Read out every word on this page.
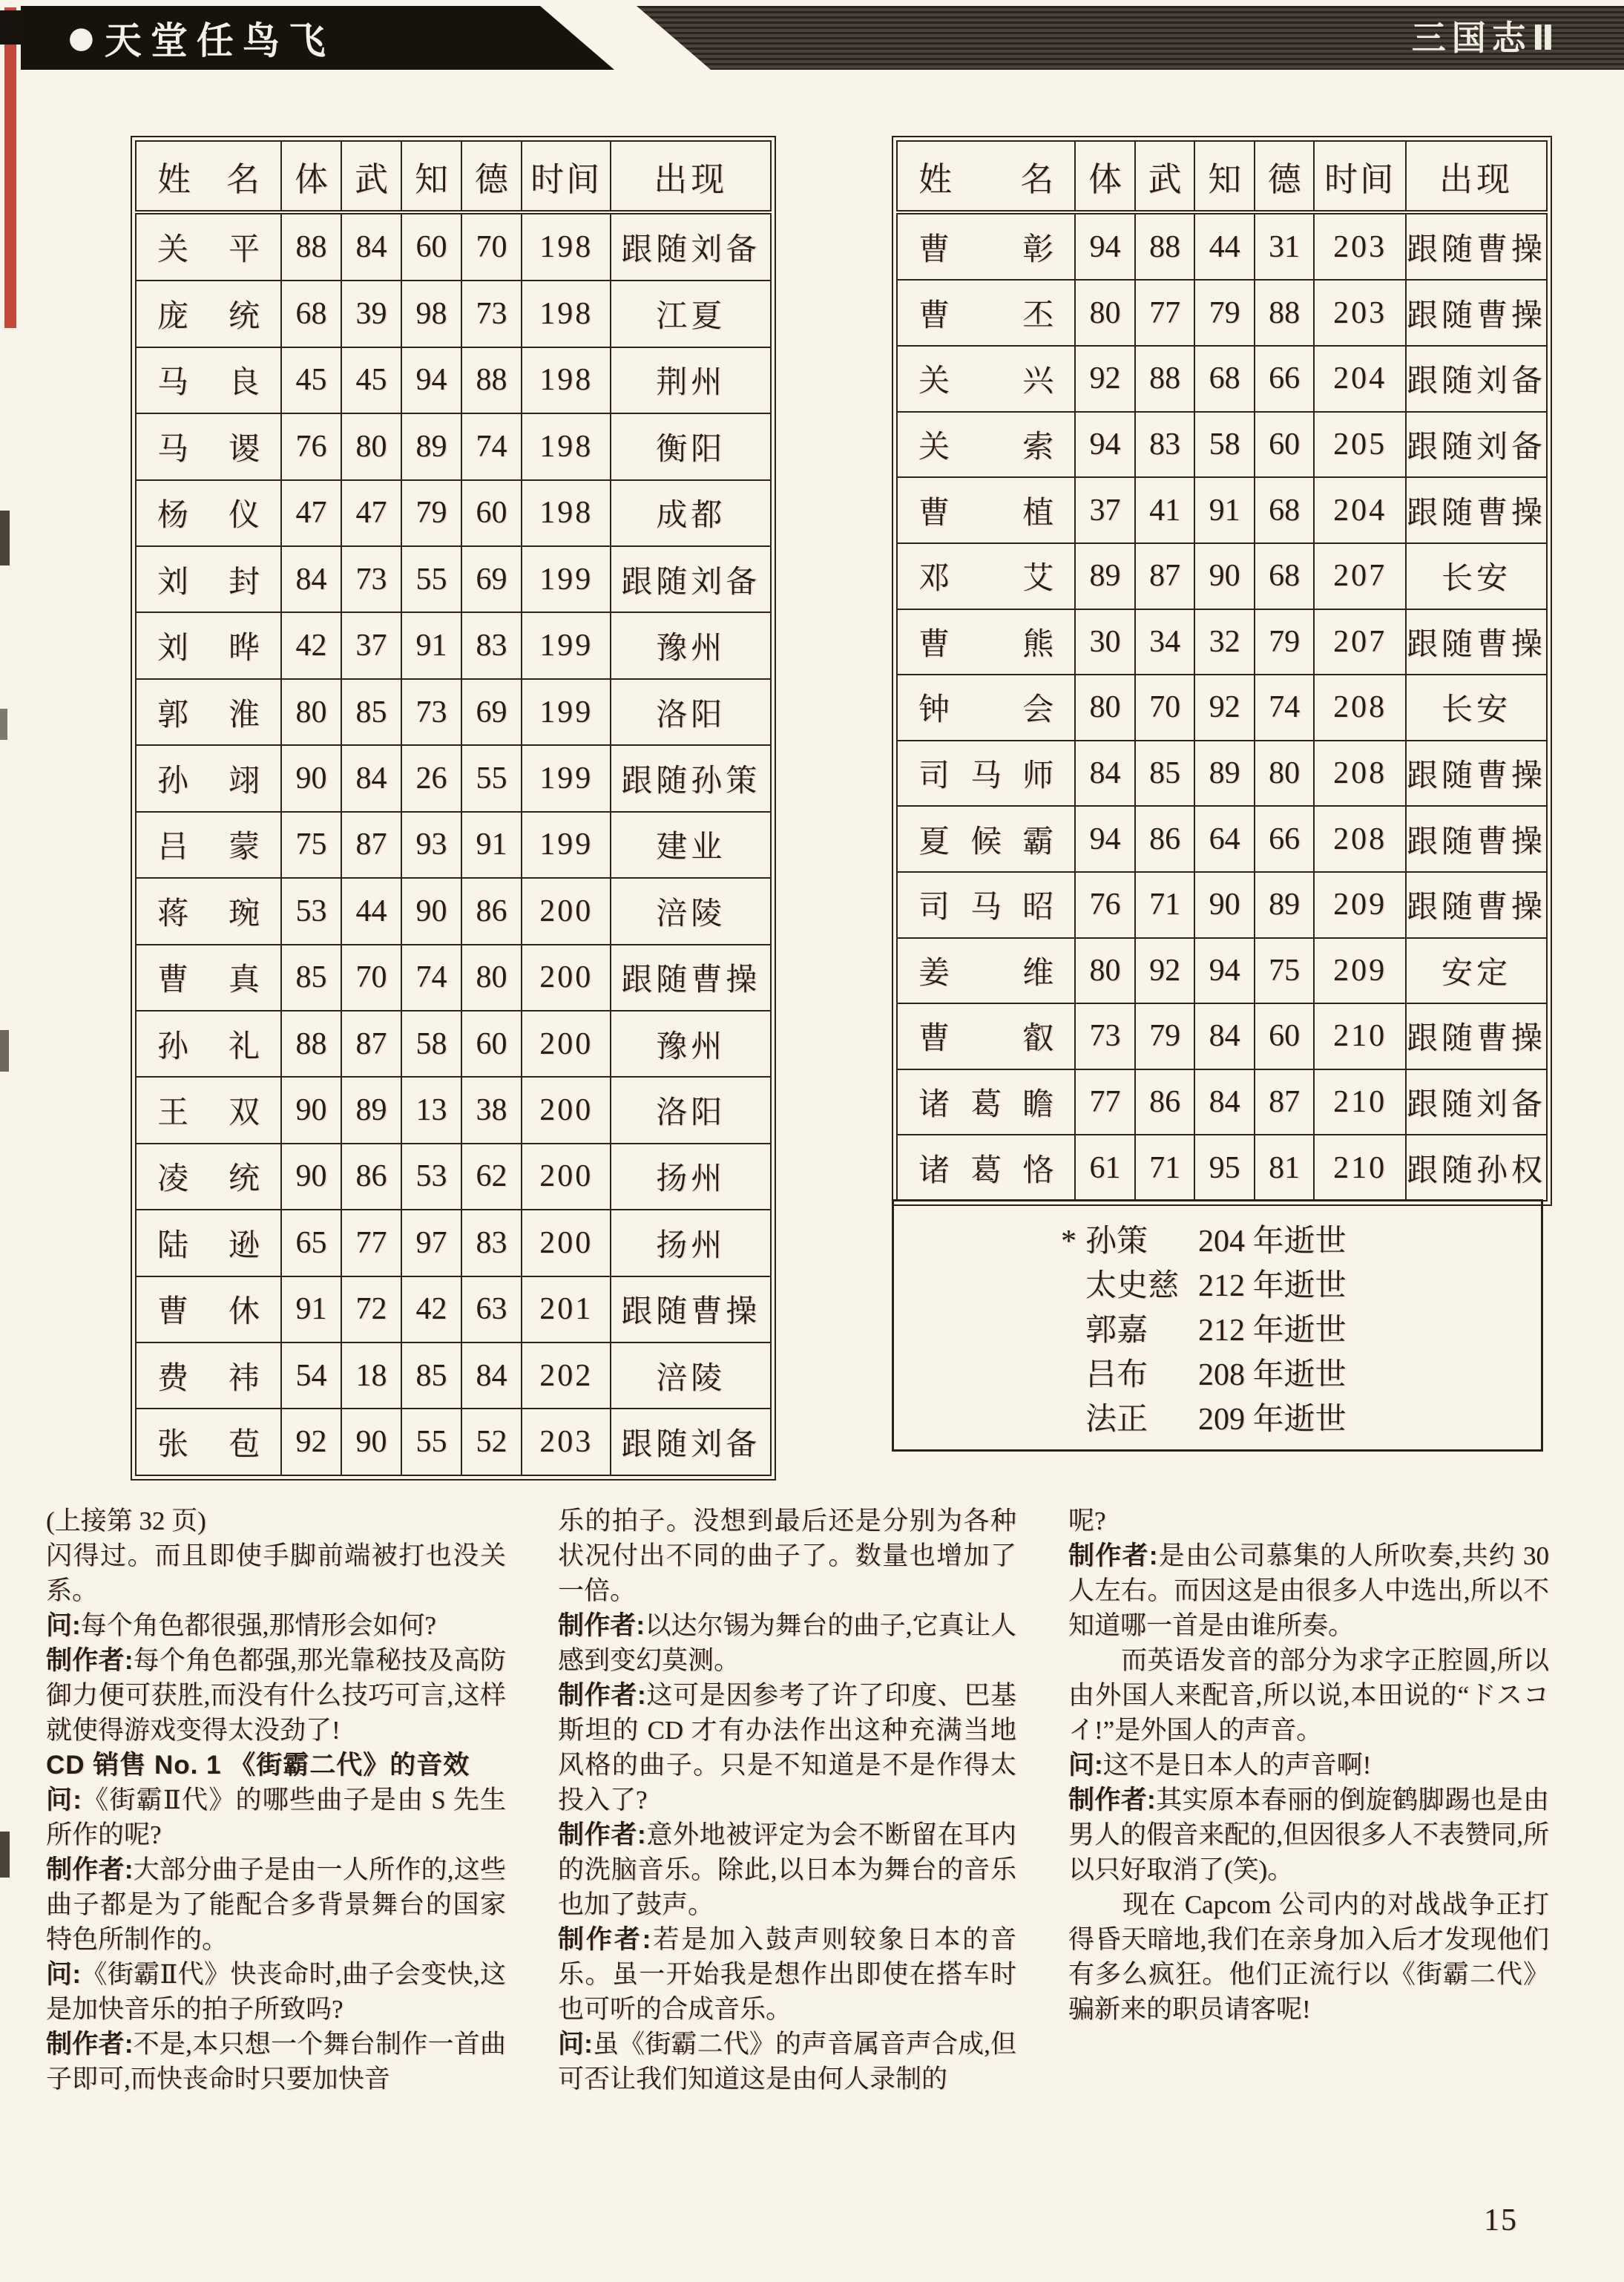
● 天堂任鸟飞	三国志Ⅱ
姓名	体	武	知	德	时间	出现
关平	88	84	60	70	198	跟随刘备
庞统	68	39	98	73	198	江夏
马良	45	45	94	88	198	荆州
马谡	76	80	89	74	198	衡阳
杨仪	47	47	79	60	198	成都
刘封	84	73	55	69	199	跟随刘备
刘晔	42	37	91	83	199	豫州
郭淮	80	85	73	69	199	洛阳
孙翊	90	84	26	55	199	跟随孙策
吕蒙	75	87	93	91	199	建业
蒋琬	53	44	90	86	200	涪陵
曹真	85	70	74	80	200	跟随曹操
孙礼	88	87	58	60	200	豫州
王双	90	89	13	38	200	洛阳
凌统	90	86	53	62	200	扬州
陆逊	65	77	97	83	200	扬州
曹休	91	72	42	63	201	跟随曹操
费祎	54	18	85	84	202	涪陵
张苞	92	90	55	52	203	跟随刘备
姓名	体	武	知	德	时间	出现
曹彰	94	88	44	31	203	跟随曹操
曹丕	80	77	79	88	203	跟随曹操
关兴	92	88	68	66	204	跟随刘备
关索	94	83	58	60	205	跟随刘备
曹植	37	41	91	68	204	跟随曹操
邓艾	89	87	90	68	207	长安
曹熊	30	34	32	79	207	跟随曹操
钟会	80	70	92	74	208	长安
司马师	84	85	89	80	208	跟随曹操
夏候霸	94	86	64	66	208	跟随曹操
司马昭	76	71	90	89	209	跟随曹操
姜维	80	92	94	75	209	安定
曹叡	73	79	84	60	210	跟随曹操
诸葛瞻	77	86	84	87	210	跟随刘备
诸葛恪	61	71	95	81	210	跟随孙权
* 孙策	204 年逝世
太史慈 212 年逝世
郭嘉	212 年逝世
吕布	208 年逝世
法正	209 年逝世

(上接第 32 页)

闪得过。而且即使手脚前端被打也没关系。

问:每个角色都很强,那情形会如何?

制作者:每个角色都强,那光靠秘技及高防御力便可获胜,而没有什么技巧可言,这样就使得游戏变得太没劲了!

CD 销售 No. 1 《街霸二代》的音效

问:《街霸Ⅱ代》的哪些曲子是由 S 先生所作的呢?

制作者:大部分曲子是由一人所作的,这些曲子都是为了能配合多背景舞台的国家特色所制作的。

问:《街霸Ⅱ代》快丧命时,曲子会变快,这是加快音乐的拍子所致吗?

制作者:不是,本只想一个舞台制作一首曲子即可,而快丧命时只要加快音

乐的拍子。没想到最后还是分别为各种状况付出不同的曲子了。数量也增加了一倍。

制作者:以达尔锡为舞台的曲子,它真让人感到变幻莫测。

制作者:这可是因参考了许了印度、巴基斯坦的 CD 才有办法作出这种充满当地风格的曲子。只是不知道是不是作得太投入了?

制作者:意外地被评定为会不断留在耳内的洗脑音乐。除此,以日本为舞台的音乐也加了鼓声。

制作者:若是加入鼓声则较象日本的音乐。虽一开始我是想作出即使在搭车时也可听的合成音乐。

问:虽《街霸二代》的声音属音声合成,但可否让我们知道这是由何人录制的

呢?

制作者:是由公司慕集的人所吹奏,共约 30 人左右。而因这是由很多人中选出,所以不知道哪一首是由谁所奏。

　　而英语发音的部分为求字正腔圆,所以由外国人来配音,所以说,本田说的“ドスコイ!”是外国人的声音。

问:这不是日本人的声音啊!

制作者:其实原本春丽的倒旋鹤脚踢也是由男人的假音来配的,但因很多人不表赞同,所以只好取消了(笑)。

　　现在 Capcom 公司内的对战战争正打得昏天暗地,我们在亲身加入后才发现他们有多么疯狂。他们正流行以《街霸二代》骗新来的职员请客呢!

15
